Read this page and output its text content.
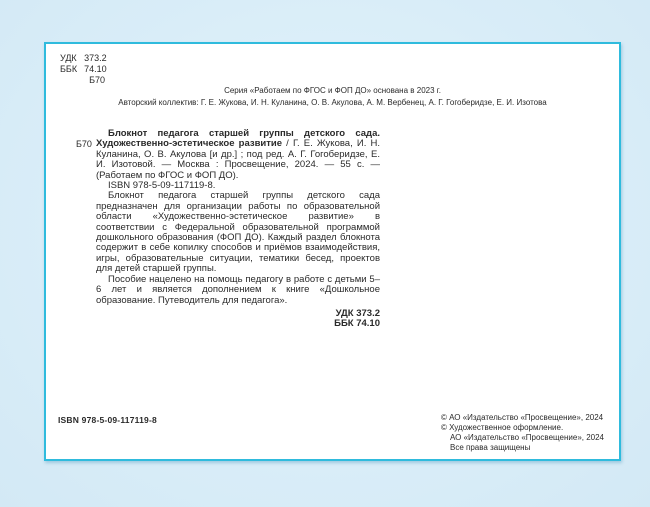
УДК 373.2
ББК 74.10
Б70
Серия «Работаем по ФГОС и ФОП ДО» основана в 2023 г.
Авторский коллектив: Г. Е. Жукова, И. Н. Куланина, О. В. Акулова, А. М. Вербенец, А. Г. Гогоберидзе, Е. И. Изотова
Б70

Блокнот педагога старшей группы детского сада. Художественно-эстетическое развитие / Г. Е. Жукова, И. Н. Куланина, О. В. Акулова [и др.] ; под ред. А. Г. Гогоберидзе, Е. И. Изотовой. — Москва : Просвещение, 2024. — 55 с. — (Работаем по ФГОС и ФОП ДО).

ISBN 978-5-09-117119-8.

Блокнот педагога старшей группы детского сада предназначен для организации работы по образовательной области «Художественно-эстетическое развитие» в соответствии с Федеральной образовательной программой дошкольного образования (ФОП ДО). Каждый раздел блокнота содержит в себе копилку способов и приёмов взаимодействия, игры, образовательные ситуации, тематики бесед, проектов для детей старшей группы.

Пособие нацелено на помощь педагогу в работе с детьми 5–6 лет и является дополнением к книге «Дошкольное образование. Путеводитель для педагога».

УДК 373.2

ББК 74.10

ISBN 978-5-09-117119-8	© АО «Издательство «Просвещение», 2024
© Художественное оформление.
АО «Издательство «Просвещение», 2024
Все права защищены
